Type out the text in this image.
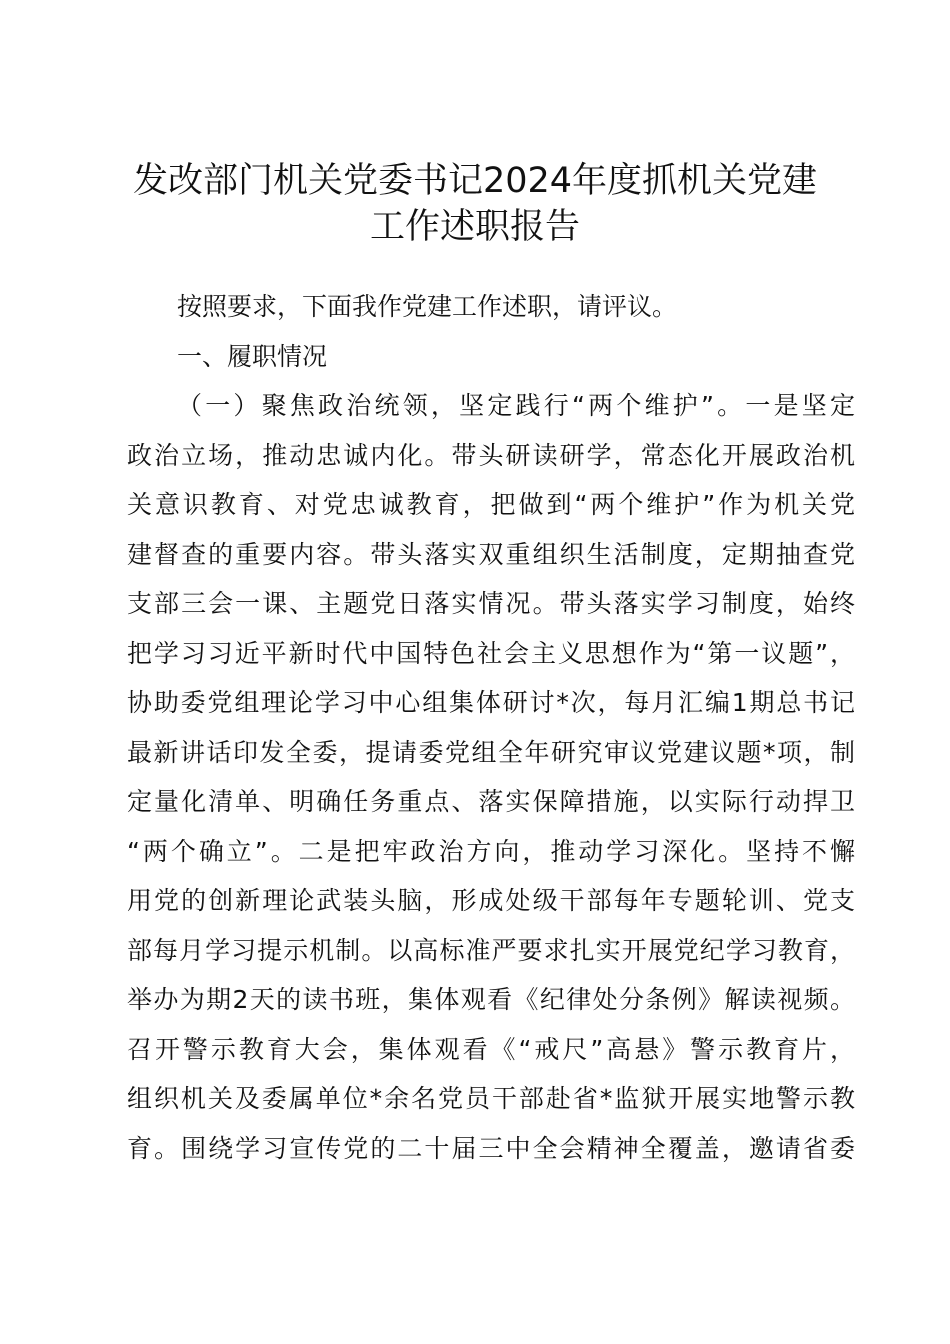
发改部门机关党委书记2024年度抓机关党建
工作述职报告
按照要求，下面我作党建工作述职，请评议。
一、履职情况
（一）聚焦政治统领，坚定践行“两个维护”。一是坚定
政治立场，推动忠诚内化。带头研读研学，常态化开展政治机
关意识教育、对党忠诚教育，把做到“两个维护”作为机关党
建督查的重要内容。带头落实双重组织生活制度，定期抽查党
支部三会一课、主题党日落实情况。带头落实学习制度，始终
把学习习近平新时代中国特色社会主义思想作为“第一议题”，
协助委党组理论学习中心组集体研讨*次，每月汇编1期总书记
最新讲话印发全委，提请委党组全年研究审议党建议题*项，制
定量化清单、明确任务重点、落实保障措施，以实际行动捍卫
“两个确立”。二是把牢政治方向，推动学习深化。坚持不懈
用党的创新理论武装头脑，形成处级干部每年专题轮训、党支
部每月学习提示机制。以高标准严要求扎实开展党纪学习教育，
举办为期2天的读书班，集体观看《纪律处分条例》解读视频。
召开警示教育大会，集体观看《“戒尺”高悬》警示教育片，
组织机关及委属单位*余名党员干部赴省*监狱开展实地警示教
育。围绕学习宣传党的二十届三中全会精神全覆盖，邀请省委
